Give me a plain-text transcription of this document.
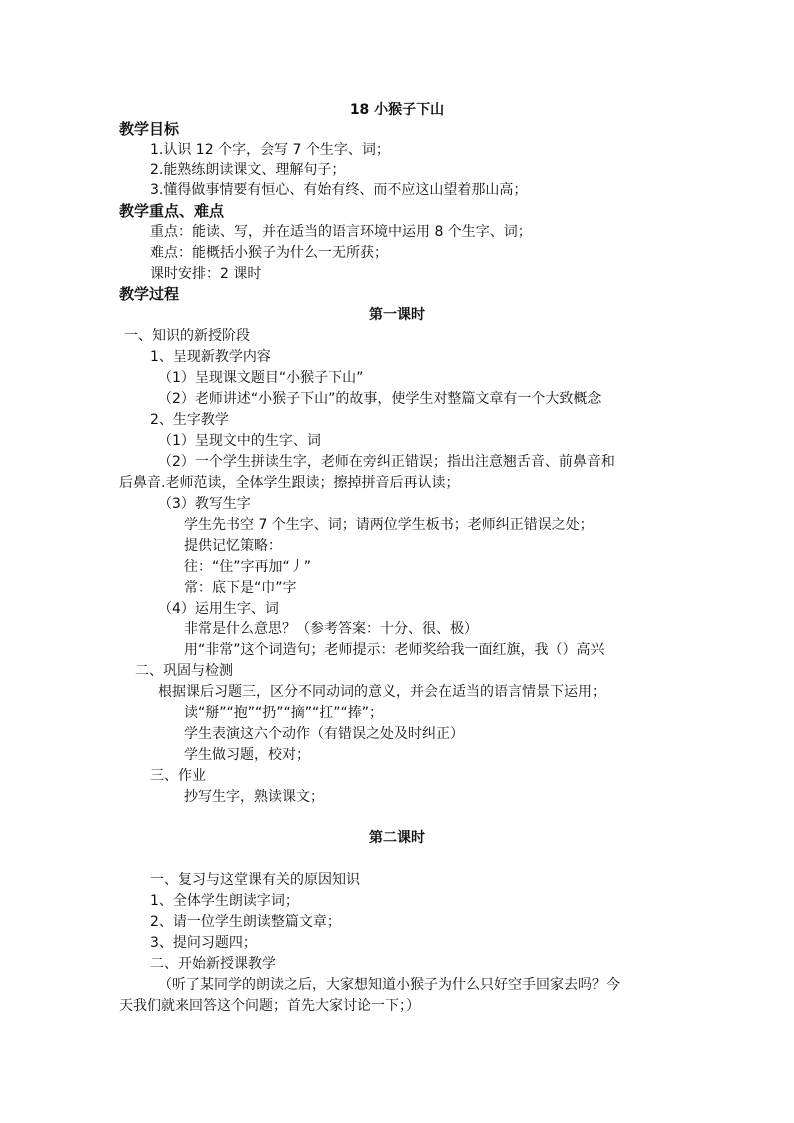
18 小猴子下山
教学目标
1.认识 12 个字，会写 7 个生字、词；
2.能熟练朗读课文、理解句子；
3.懂得做事情要有恒心、有始有终、而不应这山望着那山高；
教学重点、难点
重点：能读、写，并在适当的语言环境中运用 8 个生字、词；
难点：能概括小猴子为什么一无所获；
课时安排：2 课时
教学过程
第一课时
一、知识的新授阶段
1、呈现新教学内容
（1）呈现课文题目“小猴子下山”
（2）老师讲述“小猴子下山”的故事，使学生对整篇文章有一个大致概念
2、生字教学
（1）呈现文中的生字、词
（2）一个学生拼读生字，老师在旁纠正错误；指出注意翘舌音、前鼻音和
后鼻音.老师范读，全体学生跟读；擦掉拼音后再认读；
（3）教写生字
学生先书空 7 个生字、词；请两位学生板书；老师纠正错误之处；
提供记忆策略：
往：“住”字再加“丿”
常：底下是“巾”字
（4）运用生字、词
非常是什么意思？（参考答案：十分、很、极）
用“非常”这个词造句；老师提示：老师奖给我一面红旗，我（）高兴
二、巩固与检测
根据课后习题三，区分不同动词的意义，并会在适当的语言情景下运用；
读“掰”“抱”“扔”“摘”“扛”“捧”；
学生表演这六个动作（有错误之处及时纠正）
学生做习题，校对；
三、作业
抄写生字，熟读课文；
第二课时
一、复习与这堂课有关的原因知识
1、全体学生朗读字词；
2、请一位学生朗读整篇文章；
3、提问习题四；
二、开始新授课教学
（听了某同学的朗读之后，大家想知道小猴子为什么只好空手回家去吗？今
天我们就来回答这个问题；首先大家讨论一下；）
